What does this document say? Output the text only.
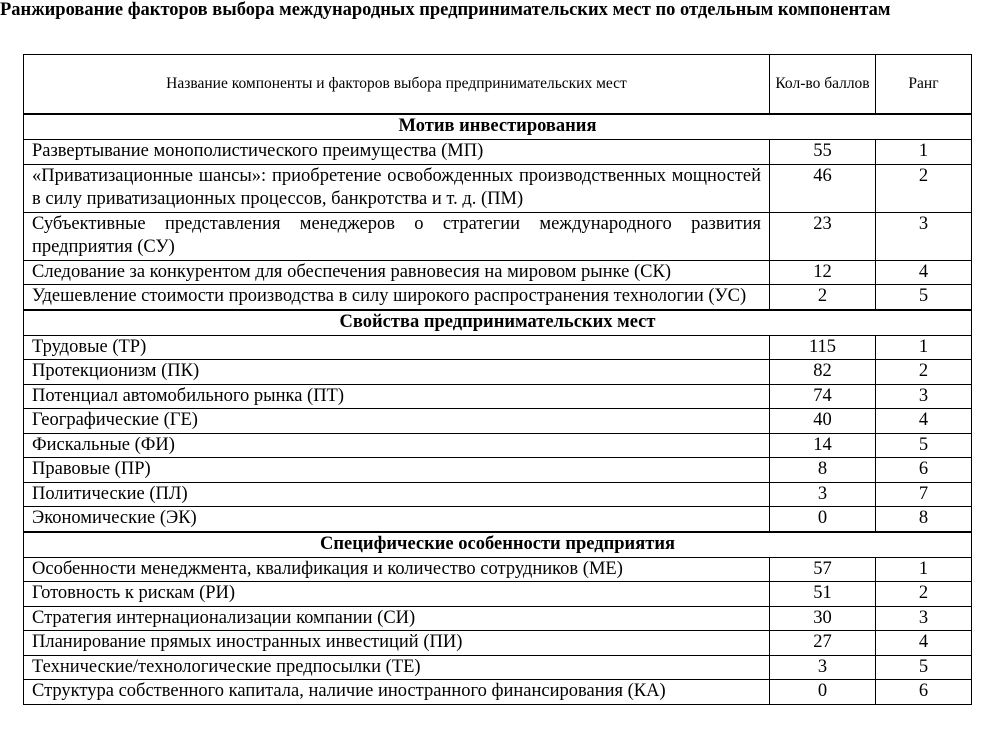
Ранжирование факторов выбора международных предпринимательских мест по отдельным компонентам
Название компоненты и факторов выбора предпринимательских мест	Кол-во баллов	Ранг
Мотив инвестирования		
Развертывание монополистического преимущества (МП)	55	1
«Приватизационные шансы»: приобретение освобожденных производственных мощностей в силу приватизационных процессов, банкротства и т. д. (ПМ)	46	2
Субъективные представления менеджеров о стратегии международного развития предприятия (СУ)	23	3
Следование за конкурентом для обеспечения равновесия на мировом рынке (СК)	12	4
Удешевление стоимости производства в силу широкого распространения технологии (УС)	2	5
Свойства предпринимательских мест		
Трудовые (ТР)	115	1
Протекционизм (ПК)	82	2
Потенциал автомобильного рынка (ПТ)	74	3
Географические (ГЕ)	40	4
Фискальные (ФИ)	14	5
Правовые (ПР)	8	6
Политические (ПЛ)	3	7
Экономические (ЭК)	0	8
Специфические особенности предприятия		
Особенности менеджмента, квалификация и количество сотрудников (МЕ)	57	1
Готовность к рискам (РИ)	51	2
Стратегия интернационализации компании (СИ)	30	3
Планирование прямых иностранных инвестиций (ПИ)	27	4
Технические/технологические предпосылки (ТЕ)	3	5
Структура собственного капитала, наличие иностранного финансирования (КА)	0	6
